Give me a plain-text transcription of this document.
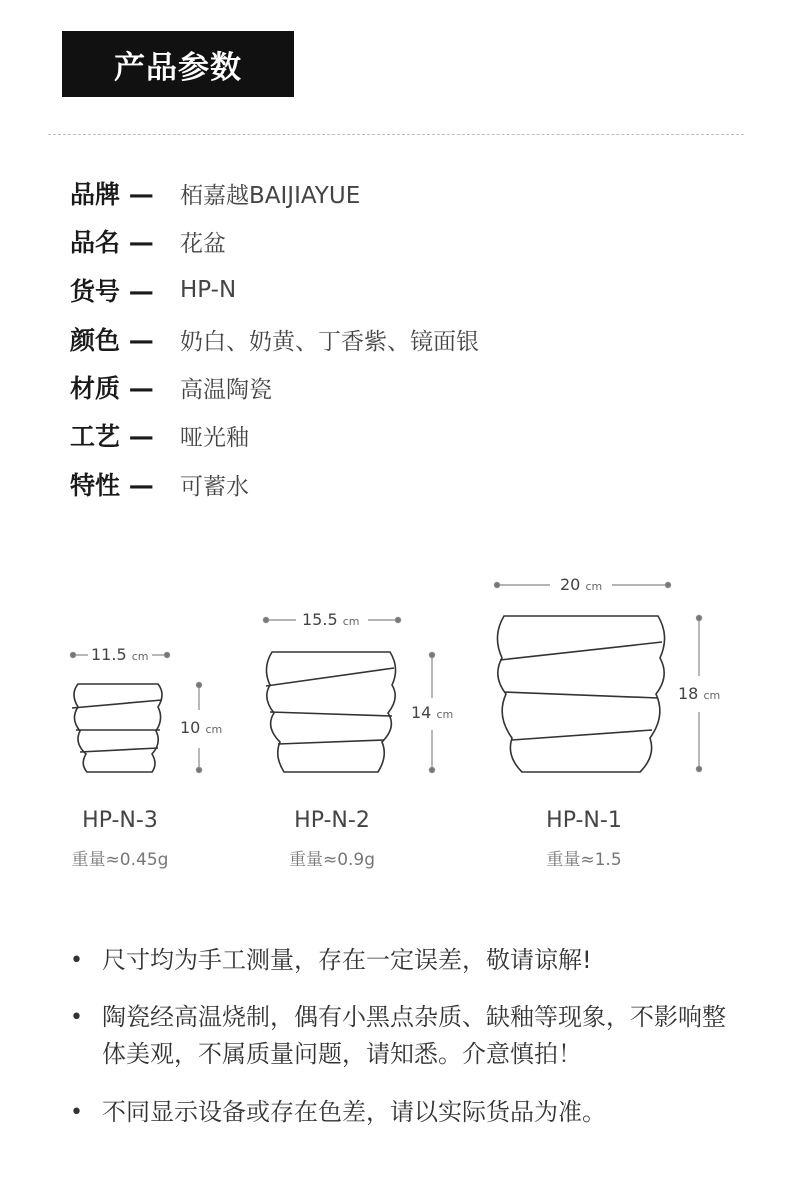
产品参数
品牌 —	栢嘉越BAIJIAYUE
品名 —	花盆
货号 —	HP-N
颜色 —	奶白、奶黄、丁香紫、镜面银
材质 —	高温陶瓷
工艺 —	哑光釉
特性 —	可蓄水
11.5 cm
10 cm
15.5 cm
14 cm
20 cm
18 cm
HP-N-3
重量≈0.45g
HP-N-2
重量≈0.9g
HP-N-1
重量≈1.5
• 尺寸均为手工测量，存在一定误差，敬请谅解!
• 陶瓷经高温烧制，偶有小黑点杂质、缺釉等现象，不影响整体美观，不属质量问题，请知悉。介意慎拍！
• 不同显示设备或存在色差，请以实际货品为准。
